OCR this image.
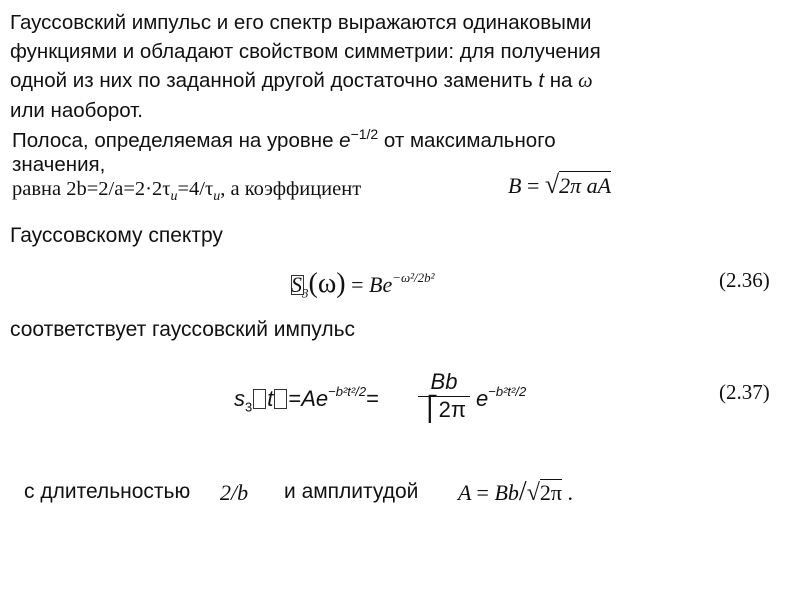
Гауссовский импульс и его спектр выражаются одинаковыми
функциями и обладают свойством симметрии: для получения
одной из них по заданной другой достаточно заменить t на ω
или наоборот.
Полоса, определяемая на уровне $e^{-1/2}$ от максимального
значения,
равна $2b=2/a=2\cdot 2\tau_и=4/\tau_и$, а коэффициент	B = √2π aA
Гауссовскому спектру
$S_3(\omega) = Be^{-\omega^2/2b^2}$	(2.36)
соответствует гауссовский импульс
$s_3$ $t =Ae^{-b^2t^2/2}= \frac{Bb}{⎡2\pi} e^{-b^2t^2/2}$	(2.37)
с длительностью 2/b и амплитудой A = Bb/√2π .
